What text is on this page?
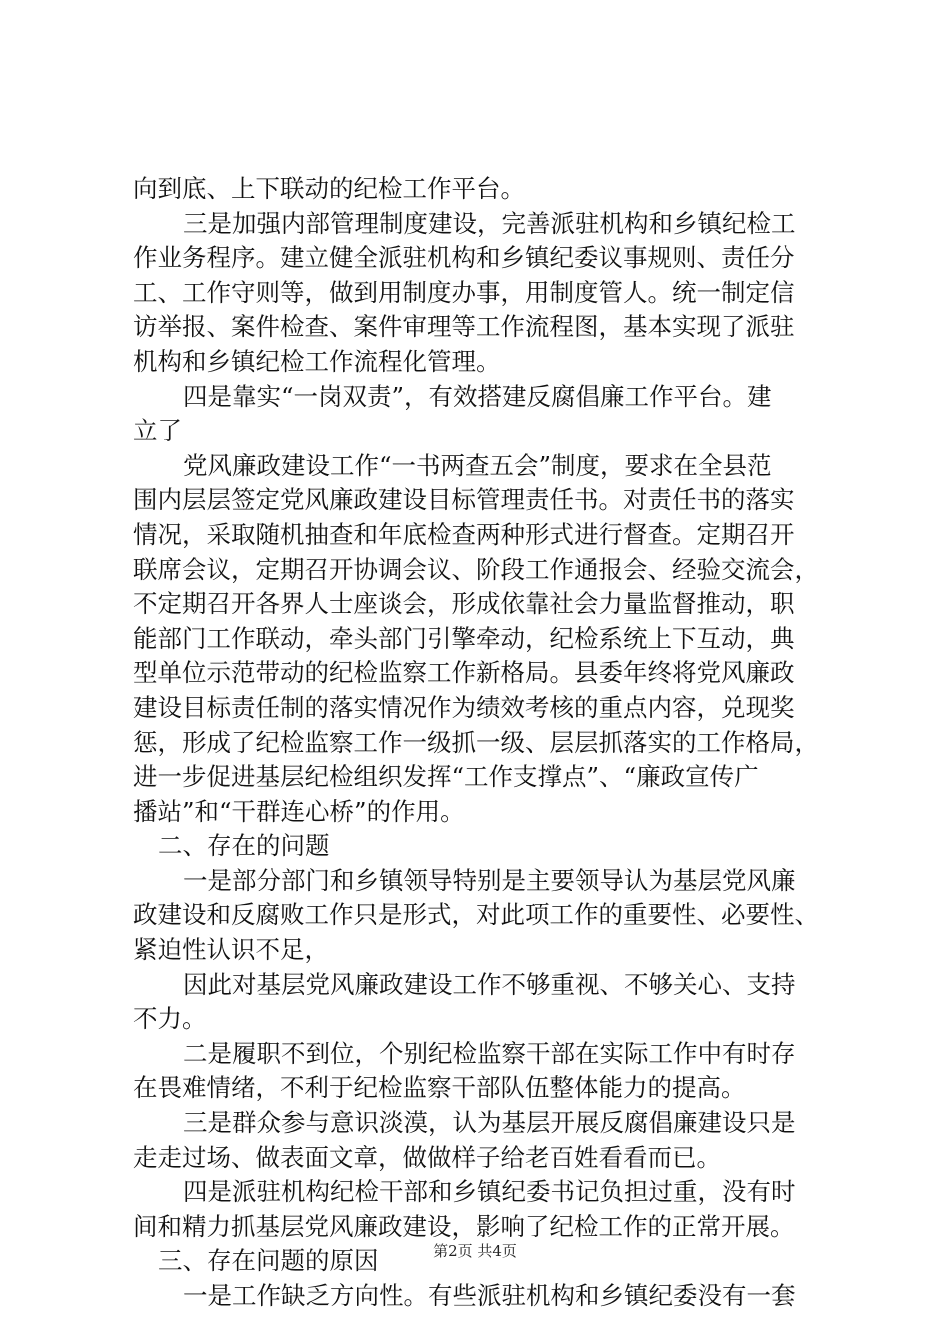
向到底、上下联动的纪检工作平台。
三是加强内部管理制度建设，完善派驻机构和乡镇纪检工
作业务程序。建立健全派驻机构和乡镇纪委议事规则、责任分
工、工作守则等，做到用制度办事，用制度管人。统一制定信
访举报、案件检查、案件审理等工作流程图，基本实现了派驻
机构和乡镇纪检工作流程化管理。
四是靠实“一岗双责”，有效搭建反腐倡廉工作平台。建
立了
党风廉政建设工作“一书两查五会”制度，要求在全县范
围内层层签定党风廉政建设目标管理责任书。对责任书的落实
情况，采取随机抽查和年底检查两种形式进行督查。定期召开
联席会议，定期召开协调会议、阶段工作通报会、经验交流会，
不定期召开各界人士座谈会，形成依靠社会力量监督推动，职
能部门工作联动，牵头部门引擎牵动，纪检系统上下互动，典
型单位示范带动的纪检监察工作新格局。县委年终将党风廉政
建设目标责任制的落实情况作为绩效考核的重点内容，兑现奖
惩，形成了纪检监察工作一级抓一级、层层抓落实的工作格局，
进一步促进基层纪检组织发挥“工作支撑点”、“廉政宣传广
播站”和“干群连心桥”的作用。
二、存在的问题
一是部分部门和乡镇领导特别是主要领导认为基层党风廉
政建设和反腐败工作只是形式，对此项工作的重要性、必要性、
紧迫性认识不足，
因此对基层党风廉政建设工作不够重视、不够关心、支持
不力。
二是履职不到位，个别纪检监察干部在实际工作中有时存
在畏难情绪，不利于纪检监察干部队伍整体能力的提高。
三是群众参与意识淡漠，认为基层开展反腐倡廉建设只是
走走过场、做表面文章，做做样子给老百姓看看而已。
四是派驻机构纪检干部和乡镇纪委书记负担过重，没有时
间和精力抓基层党风廉政建设，影响了纪检工作的正常开展。
三、存在问题的原因
一是工作缺乏方向性。有些派驻机构和乡镇纪委没有一套
第2页 共4页
